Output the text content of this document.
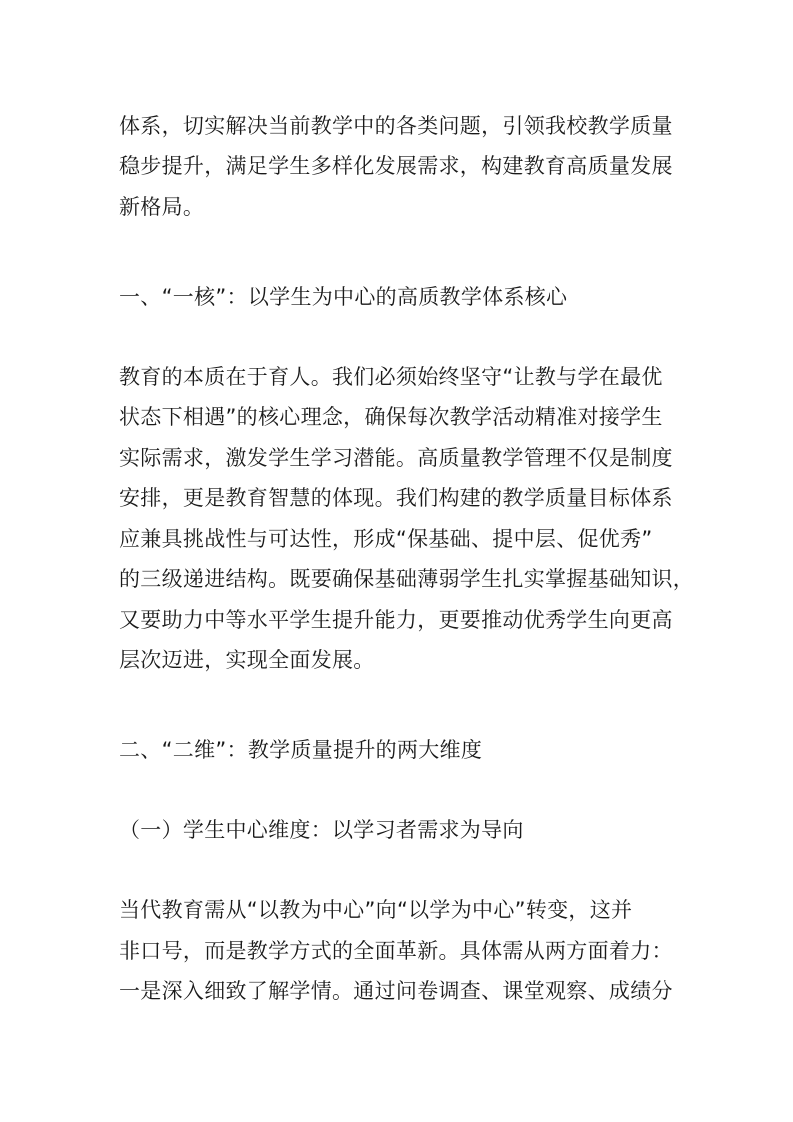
体系，切实解决当前教学中的各类问题，引领我校教学质量
稳步提升，满足学生多样化发展需求，构建教育高质量发展
新格局。
一、“一核”：以学生为中心的高质教学体系核心
教育的本质在于育人。我们必须始终坚守“让教与学在最优
状态下相遇”的核心理念，确保每次教学活动精准对接学生
实际需求，激发学生学习潜能。高质量教学管理不仅是制度
安排，更是教育智慧的体现。我们构建的教学质量目标体系
应兼具挑战性与可达性，形成“保基础、提中层、促优秀”
的三级递进结构。既要确保基础薄弱学生扎实掌握基础知识，
又要助力中等水平学生提升能力，更要推动优秀学生向更高
层次迈进，实现全面发展。
二、“二维”：教学质量提升的两大维度
（一）学生中心维度：以学习者需求为导向
当代教育需从“以教为中心”向“以学为中心”转变，这并
非口号，而是教学方式的全面革新。具体需从两方面着力：
一是深入细致了解学情。通过问卷调查、课堂观察、成绩分
